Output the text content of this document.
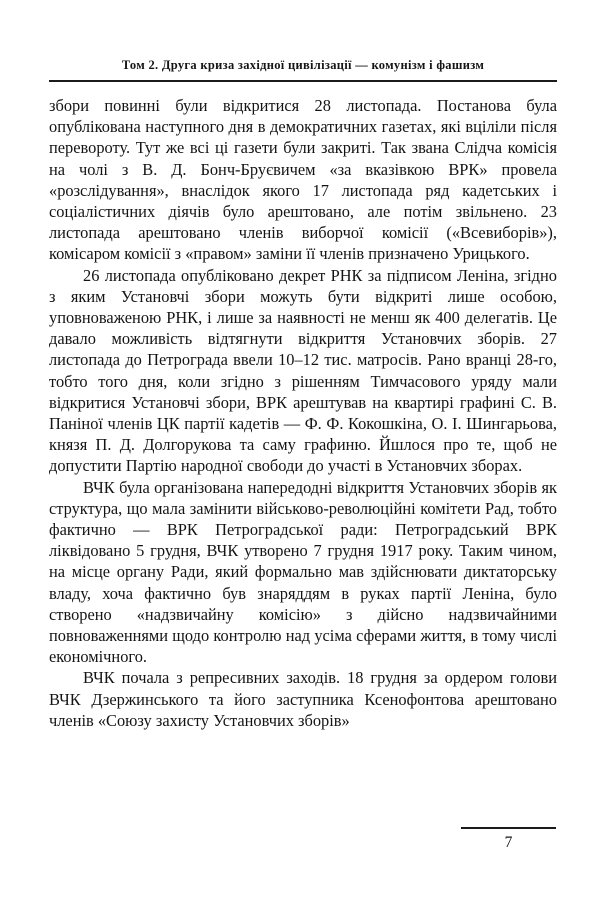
Том 2. Друга криза західної цивілізації — комунізм і фашизм

збори повинні були відкритися 28 листопада. Постанова була опублікована наступного дня в демократичних газетах, які вціліли після перевороту. Тут же всі ці газети були закриті. Так звана Слідча комісія на чолі з В. Д. Бонч-Бруєвичем «за вказівкою ВРК» провела «розслідування», внаслідок якого 17 листопада ряд кадетських і соціалістичних діячів було арештовано, але потім звільнено. 23 листопада арештовано членів виборчої комісії («Всевиборів»), комісаром комісії з «правом» заміни її членів призначено Урицького.

26 листопада опубліковано декрет РНК за підписом Леніна, згідно з яким Установчі збори можуть бути відкриті лише особою, уповноваженою РНК, і лише за наявності не менш як 400 делегатів. Це давало можливість відтягнути відкриття Установчих зборів. 27 листопада до Петрограда ввели 10–12 тис. матросів. Рано вранці 28-го, тобто того дня, коли згідно з рішенням Тимчасового уряду мали відкритися Установчі збори, ВРК арештував на квартирі графині С. В. Паніної членів ЦК партії кадетів — Ф. Ф. Кокошкіна, О. І. Шингарьова, князя П. Д. Долгорукова та саму графиню. Йшлося про те, щоб не допустити Партію народної свободи до участі в Установчих зборах.

ВЧК була організована напередодні відкриття Установчих зборів як структура, що мала замінити військово-революційні комітети Рад, тобто фактично — ВРК Петроградської ради: Петроградський ВРК ліквідовано 5 грудня, ВЧК утворено 7 грудня 1917 року. Таким чином, на місце органу Ради, який формально мав здійснювати диктаторську владу, хоча фактично був знаряддям в руках партії Леніна, було створено «надзвичайну комісію» з дійсно надзвичайними повноваженнями щодо контролю над усіма сферами життя, в тому числі економічного.

ВЧК почала з репресивних заходів. 18 грудня за ордером голови ВЧК Дзержинського та його заступника Ксенофонтова арештовано членів «Союзу захисту Установчих зборів»

7
